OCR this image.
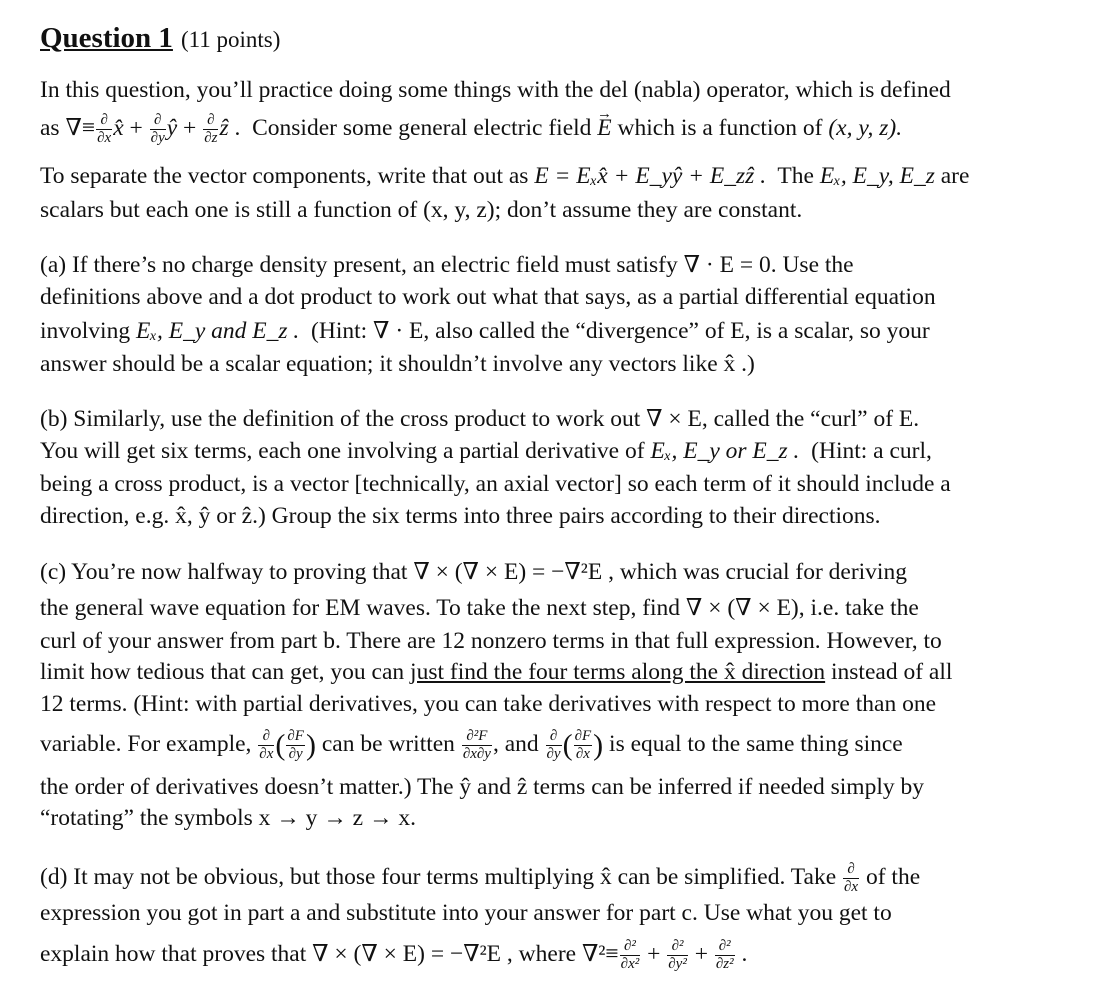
Question 1 (11 points)
In this question, you’ll practice doing some things with the del (nabla) operator, which is defined
as ∇≡ $\frac{\partial}{\partial x}$ x̂ + $\frac{\partial}{\partial y}$ ŷ + $\frac{\partial}{\partial z}$ ẑ .  Consider some general electric field → E which is a function of (x, y, z).
To separate the vector components, write that out as E = Eₓx̂ + E_yŷ + E_zẑ . The Eₓ, E_y, E_z are
scalars but each one is still a function of (x, y, z); don’t assume they are constant.
(a) If there’s no charge density present, an electric field must satisfy ∇ · E = 0. Use the
definitions above and a dot product to work out what that says, as a partial differential equation
involving Eₓ, E_y and E_z . (Hint: ∇ · E, also called the “divergence” of E, is a scalar, so your
answer should be a scalar equation; it shouldn’t involve any vectors like x̂ .)
(b) Similarly, use the definition of the cross product to work out ∇ × E, called the “curl” of E.
You will get six terms, each one involving a partial derivative of Eₓ, E_y or E_z . (Hint: a curl,
being a cross product, is a vector [technically, an axial vector] so each term of it should include a
direction, e.g. x̂, ŷ or ẑ.) Group the six terms into three pairs according to their directions.
(c) You’re now halfway to proving that ∇ × (∇ × E) = −∇²E , which was crucial for deriving
the general wave equation for EM waves. To take the next step, find ∇ × (∇ × E), i.e. take the
curl of your answer from part b. There are 12 nonzero terms in that full expression. However, to
limit how tedious that can get, you can just find the four terms along the x̂ direction instead of all
12 terms. (Hint: with partial derivatives, you can take derivatives with respect to more than one
variable. For example, $\frac{\partial}{\partial x}$ ( $\frac{\partial F}{\partial y}$ ) can be written $\frac{\text{∂²F}}{\partial x\partial y}$ , and $\frac{\partial}{\partial y}$ ( $\frac{\partial F}{\partial x}$ ) is equal to the same thing since
the order of derivatives doesn’t matter.) The ŷ and ẑ terms can be inferred if needed simply by
“rotating” the symbols x → y → z → x.
(d) It may not be obvious, but those four terms multiplying x̂ can be simplified. Take $\frac{\partial}{\partial x}$ of the
expression you got in part a and substitute into your answer for part c. Use what you get to
explain how that proves that ∇ × (∇ × E) = −∇²E , where $\nabla^2\equiv \frac{\text{∂²}}{\text{∂x²}} + \frac{\text{∂²}}{\text{∂y²}} + \frac{\text{∂²}}{\text{∂z²}}$ .
